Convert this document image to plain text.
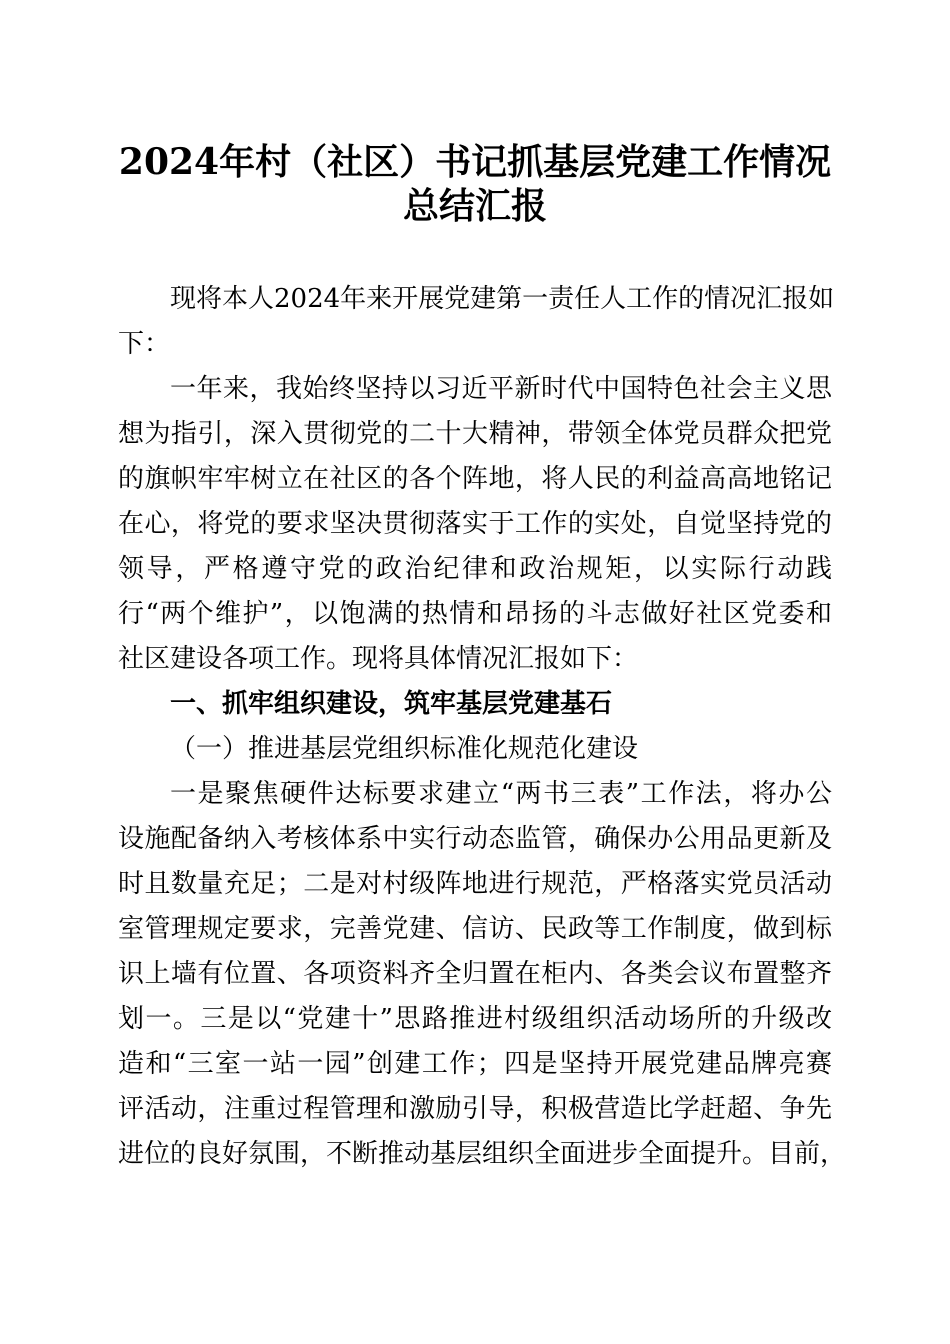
2024年村（社区）书记抓基层党建工作情况
总结汇报

现将本人2024年来开展党建第一责任人工作的情况汇报如

下：

一年来，我始终坚持以习近平新时代中国特色社会主义思

想为指引，深入贯彻党的二十大精神，带领全体党员群众把党

的旗帜牢牢树立在社区的各个阵地，将人民的利益高高地铭记

在心，将党的要求坚决贯彻落实于工作的实处，自觉坚持党的

领导，严格遵守党的政治纪律和政治规矩，以实际行动践

行“两个维护”，以饱满的热情和昂扬的斗志做好社区党委和

社区建设各项工作。现将具体情况汇报如下：

一、抓牢组织建设，筑牢基层党建基石

（一）推进基层党组织标准化规范化建设

一是聚焦硬件达标要求建立“两书三表”工作法，将办公

设施配备纳入考核体系中实行动态监管，确保办公用品更新及

时且数量充足；二是对村级阵地进行规范，严格落实党员活动

室管理规定要求，完善党建、信访、民政等工作制度，做到标

识上墙有位置、各项资料齐全归置在柜内、各类会议布置整齐

划一。三是以“党建十”思路推进村级组织活动场所的升级改

造和“三室一站一园”创建工作；四是坚持开展党建品牌亮赛

评活动，注重过程管理和激励引导，积极营造比学赶超、争先

进位的良好氛围，不断推动基层组织全面进步全面提升。目前，
